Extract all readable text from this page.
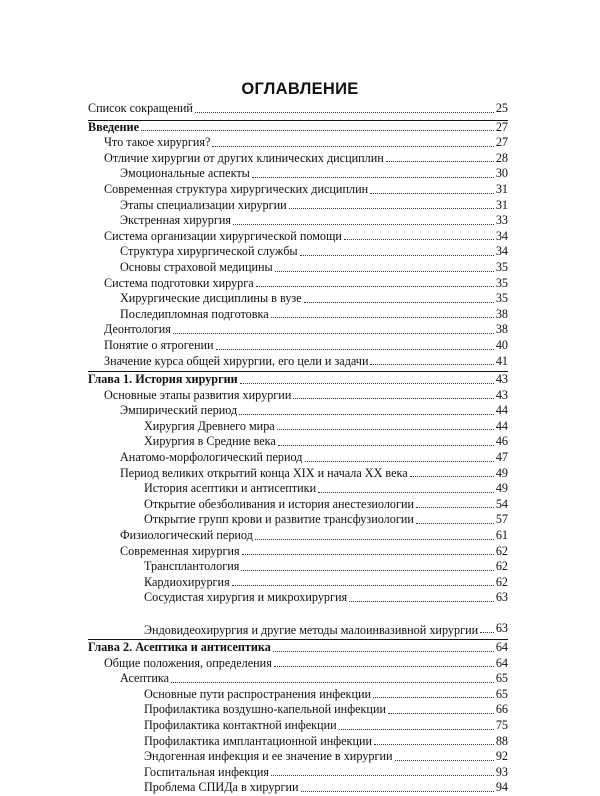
ОГЛАВЛЕНИЕ
Список сокращений	25
Введение	27
Что такое хирургия?	27
Отличие хирургии от других клинических дисциплин	28
Эмоциональные аспекты	30
Современная структура хирургических дисциплин	31
Этапы специализации хирургии	31
Экстренная хирургия	33
Система организации хирургической помощи	34
Структура хирургической службы	34
Основы страховой медицины	35
Система подготовки хирурга	35
Хирургические дисциплины в вузе	35
Последипломная подготовка	38
Деонтология	38
Понятие о ятрогении	40
Значение курса общей хирургии, его цели и задачи	41
Глава 1. История хирургии	43
Основные этапы развития хирургии	43
Эмпирический период	44
Хирургия Древнего мира	44
Хирургия в Средние века	46
Анатомо-морфологический период	47
Период великих открытий конца XIX и начала XX века	49
История асептики и антисептики	49
Открытие обезболивания и история анестезиологии	54
Открытие групп крови и развитие трансфузиологии	57
Физиологический период	61
Современная хирургия	62
Трансплантология	62
Кардиохирургия	62
Сосудистая хирургия и микрохирургия	63
Эндовидеохирургия и другие методы малоинвазивной хирургии 63
Глава 2. Асептика и антисептика	64
Общие положения, определения	64
Асептика	65
Основные пути распространения инфекции	65
Профилактика воздушно-капельной инфекции	66
Профилактика контактной инфекции	75
Профилактика имплантационной инфекции	88
Эндогенная инфекция и ее значение в хирургии	92
Госпитальная инфекция	93
Проблема СПИДа в хирургии	94
